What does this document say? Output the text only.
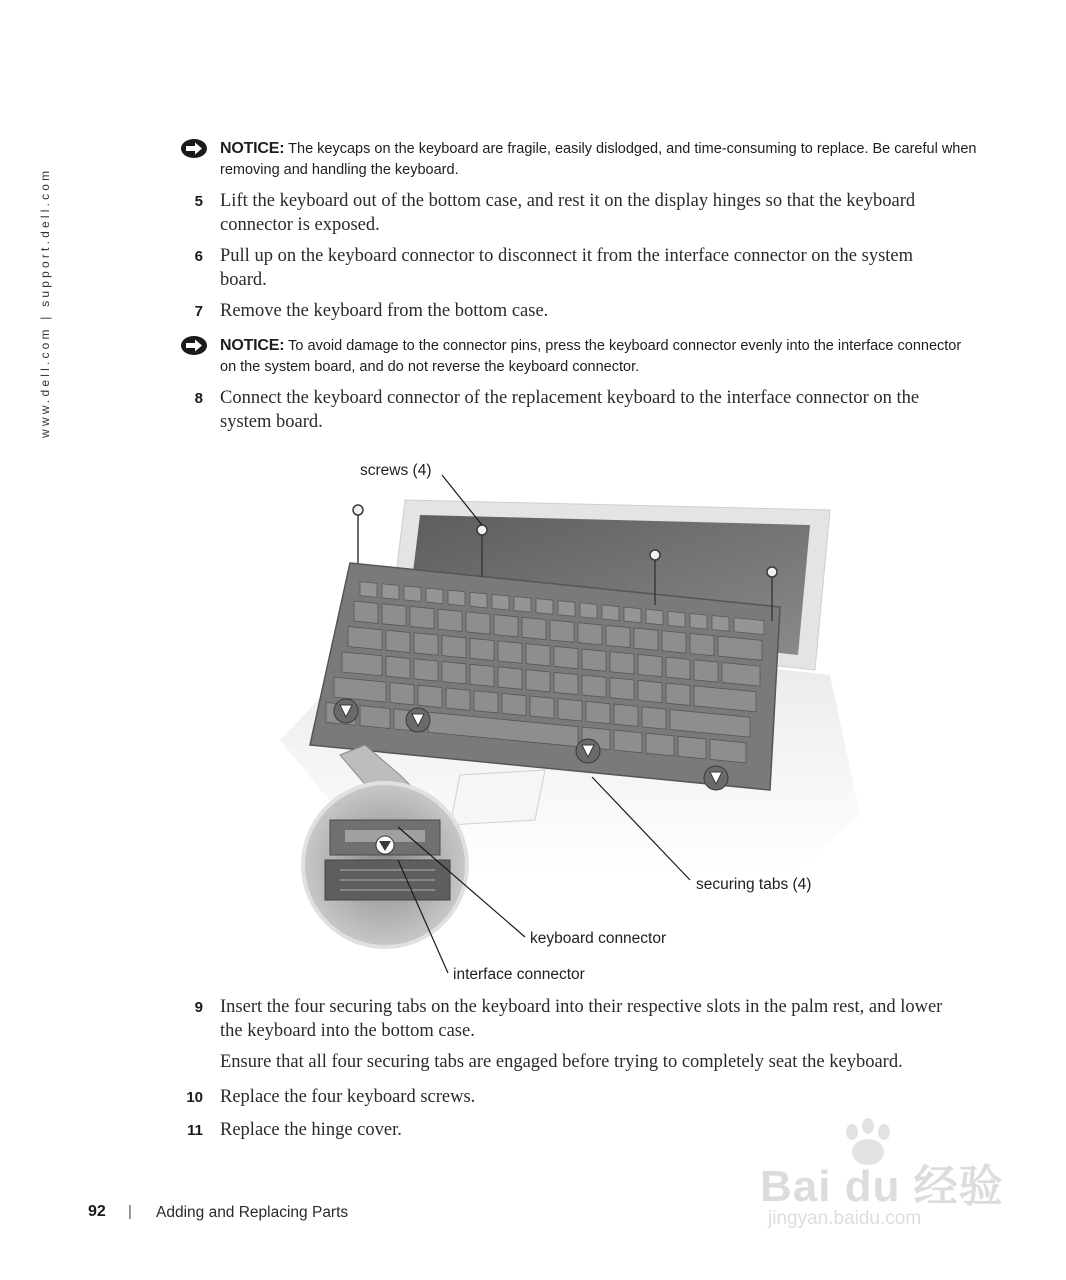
www.dell.com | support.dell.com
NOTICE: The keycaps on the keyboard are fragile, easily dislodged, and time-consuming to replace. Be careful when removing and handling the keyboard.
5 Lift the keyboard out of the bottom case, and rest it on the display hinges so that the keyboard connector is exposed.
6 Pull up on the keyboard connector to disconnect it from the interface connector on the system board.
7 Remove the keyboard from the bottom case.
NOTICE: To avoid damage to the connector pins, press the keyboard connector evenly into the interface connector on the system board, and do not reverse the keyboard connector.
8 Connect the keyboard connector of the replacement keyboard to the interface connector on the system board.
screws (4)
securing tabs (4)
keyboard connector
interface connector
9 Insert the four securing tabs on the keyboard into their respective slots in the palm rest, and lower the keyboard into the bottom case.
Ensure that all four securing tabs are engaged before trying to completely seat the keyboard.
10 Replace the four keyboard screws.
11 Replace the hinge cover.
92 | Adding and Replacing Parts
Bai du 经验
jingyan.baidu.com
